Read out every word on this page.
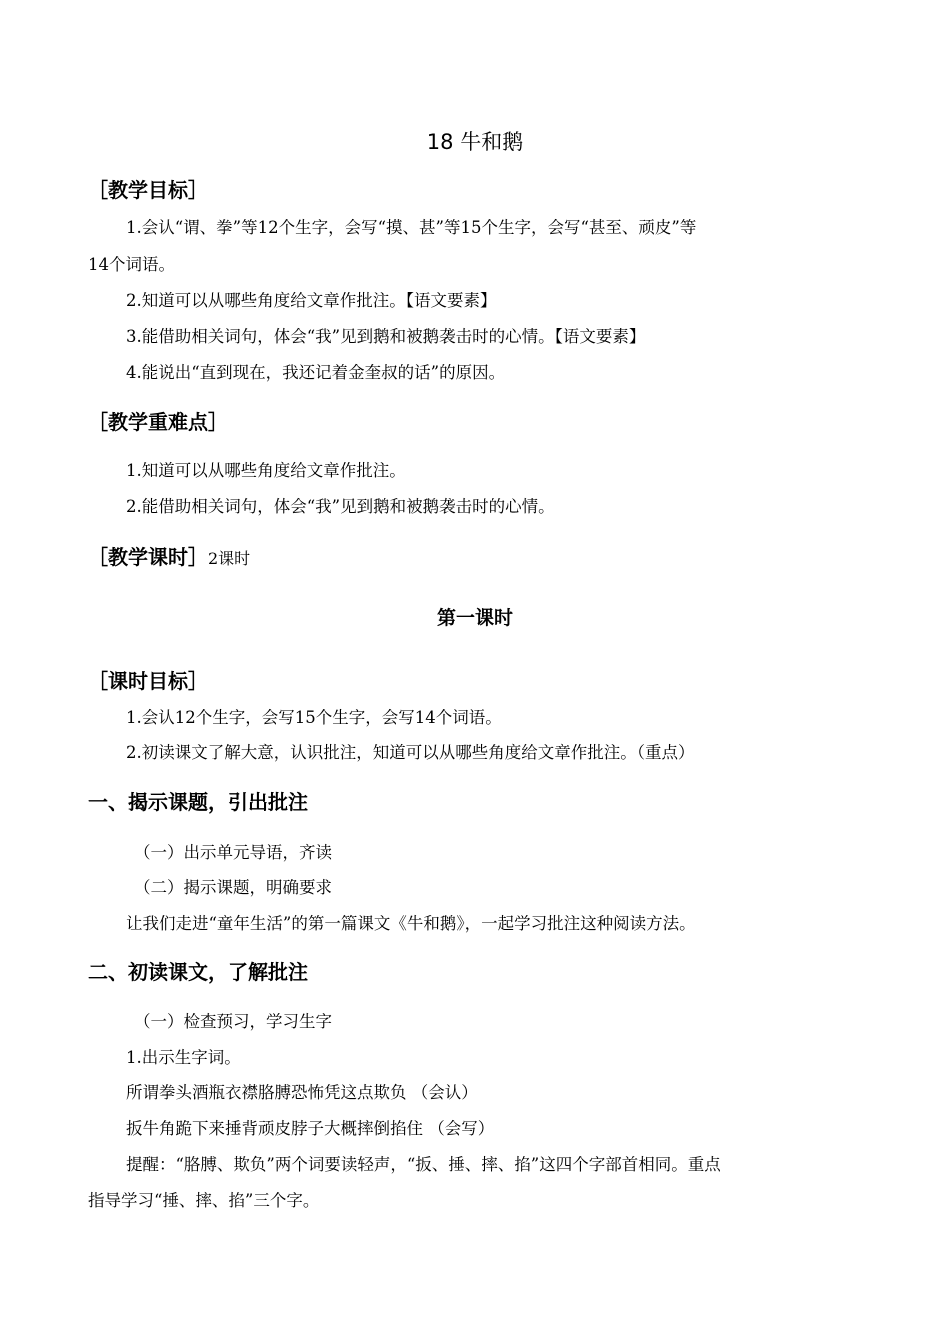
18 牛和鹅
［教学目标］
1.会认“谓、拳”等12个生字，会写“摸、甚”等15个生字，会写“甚至、顽皮”等
14个词语。
2.知道可以从哪些角度给文章作批注。【语文要素】
3.能借助相关词句，体会“我”见到鹅和被鹅袭击时的心情。【语文要素】
4.能说出“直到现在，我还记着金奎叔的话”的原因。
［教学重难点］
1.知道可以从哪些角度给文章作批注。
2.能借助相关词句，体会“我”见到鹅和被鹅袭击时的心情。
［教学课时］2课时
第一课时
［课时目标］
1.会认12个生字，会写15个生字，会写14个词语。
2.初读课文了解大意，认识批注，知道可以从哪些角度给文章作批注。（重点）
一、揭示课题，引出批注
（一）出示单元导语，齐读
（二）揭示课题，明确要求
让我们走进“童年生活”的第一篇课文《牛和鹅》，一起学习批注这种阅读方法。
二、初读课文，了解批注
（一）检查预习，学习生字
1.出示生字词。
所谓拳头酒瓶衣襟胳膊恐怖凭这点欺负 （会认）
扳牛角跪下来捶背顽皮脖子大概摔倒掐住 （会写）
提醒：“胳膊、欺负”两个词要读轻声，“扳、捶、摔、掐”这四个字部首相同。重点
指导学习“捶、摔、掐”三个字。
